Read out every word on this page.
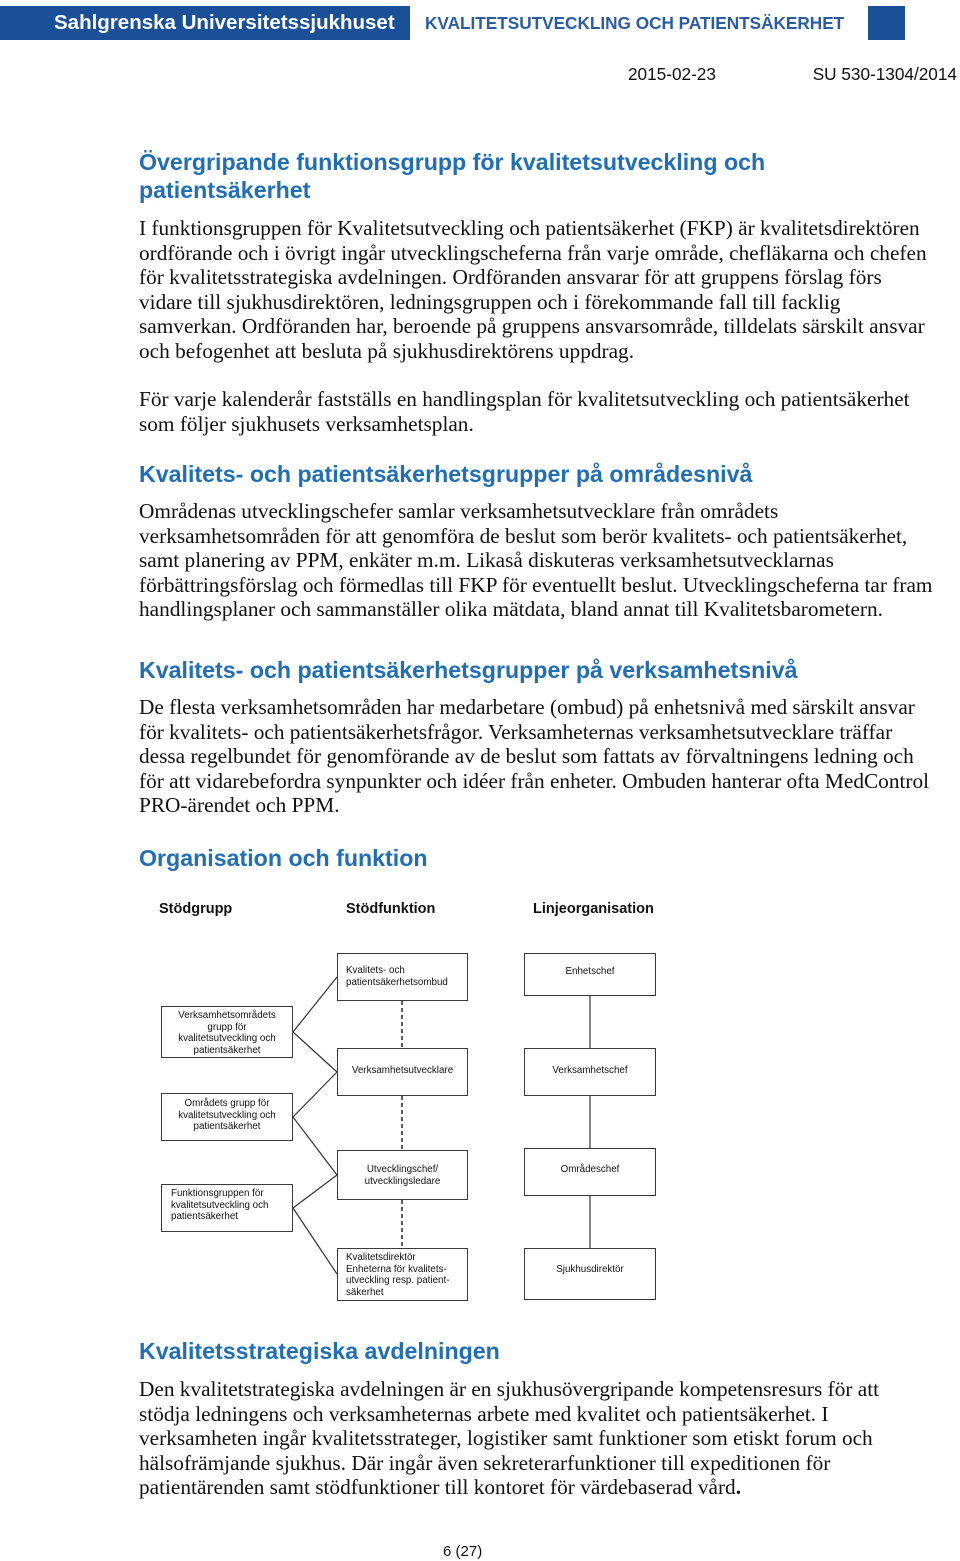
Sahlgrenska Universitetssjukhuset KVALITETSUTVECKLING OCH PATIENTSÄKERHET
2015-02-23	SU 530-1304/2014
Övergripande funktionsgrupp för kvalitetsutveckling och
patientsäkerhet
I funktionsgruppen för Kvalitetsutveckling och patientsäkerhet (FKP) är kvalitetsdirektören
ordförande och i övrigt ingår utvecklingscheferna från varje område, chefläkarna och chefen
för kvalitetsstrategiska avdelningen. Ordföranden ansvarar för att gruppens förslag förs
vidare till sjukhusdirektören, ledningsgruppen och i förekommande fall till facklig
samverkan. Ordföranden har, beroende på gruppens ansvarsområde, tilldelats särskilt ansvar
och befogenhet att besluta på sjukhusdirektörens uppdrag.
För varje kalenderår fastställs en handlingsplan för kvalitetsutveckling och patientsäkerhet
som följer sjukhusets verksamhetsplan.
Kvalitets- och patientsäkerhetsgrupper på områdesnivå
Områdenas utvecklingschefer samlar verksamhetsutvecklare från områdets
verksamhetsområden för att genomföra de beslut som berör kvalitets- och patientsäkerhet,
samt planering av PPM, enkäter m.m. Likaså diskuteras verksamhetsutvecklarnas
förbättringsförslag och förmedlas till FKP för eventuellt beslut. Utvecklingscheferna tar fram
handlingsplaner och sammanställer olika mätdata, bland annat till Kvalitetsbarometern.
Kvalitets- och patientsäkerhetsgrupper på verksamhetsnivå
De flesta verksamhetsområden har medarbetare (ombud) på enhetsnivå med särskilt ansvar
för kvalitets- och patientsäkerhetsfrågor. Verksamheternas verksamhetsutvecklare träffar
dessa regelbundet för genomförande av de beslut som fattats av förvaltningens ledning och
för att vidarebefordra synpunkter och idéer från enheter. Ombuden hanterar ofta MedControl
PRO-ärendet och PPM.
Organisation och funktion
Stödgrupp	Stödfunktion	Linjeorganisation
Verksamhetsområdets
grupp för
kvalitetsutveckling och
patientsäkerhet
Områdets grupp för
kvalitetsutveckling och
patientsäkerhet
Funktionsgruppen för
kvalitetsutveckling och
patientsäkerhet
Kvalitets- och
patientsäkerhetsombud
Verksamhetsutvecklare
Utvecklingschef/
utvecklingsledare
Kvalitetsdirektör
Enheterna för kvalitets-
utveckling resp. patient-
säkerhet
Enhetschef
Verksamhetschef
Områdeschef
Sjukhusdirektör
Kvalitetsstrategiska avdelningen
Den kvalitetstrategiska avdelningen är en sjukhusövergripande kompetensresurs för att
stödja ledningens och verksamheternas arbete med kvalitet och patientsäkerhet. I
verksamheten ingår kvalitetsstrateger, logistiker samt funktioner som etiskt forum och
hälsofrämjande sjukhus. Där ingår även sekreterarfunktioner till expeditionen för
patientärenden samt stödfunktioner till kontoret för värdebaserad vård.
6 (27)
